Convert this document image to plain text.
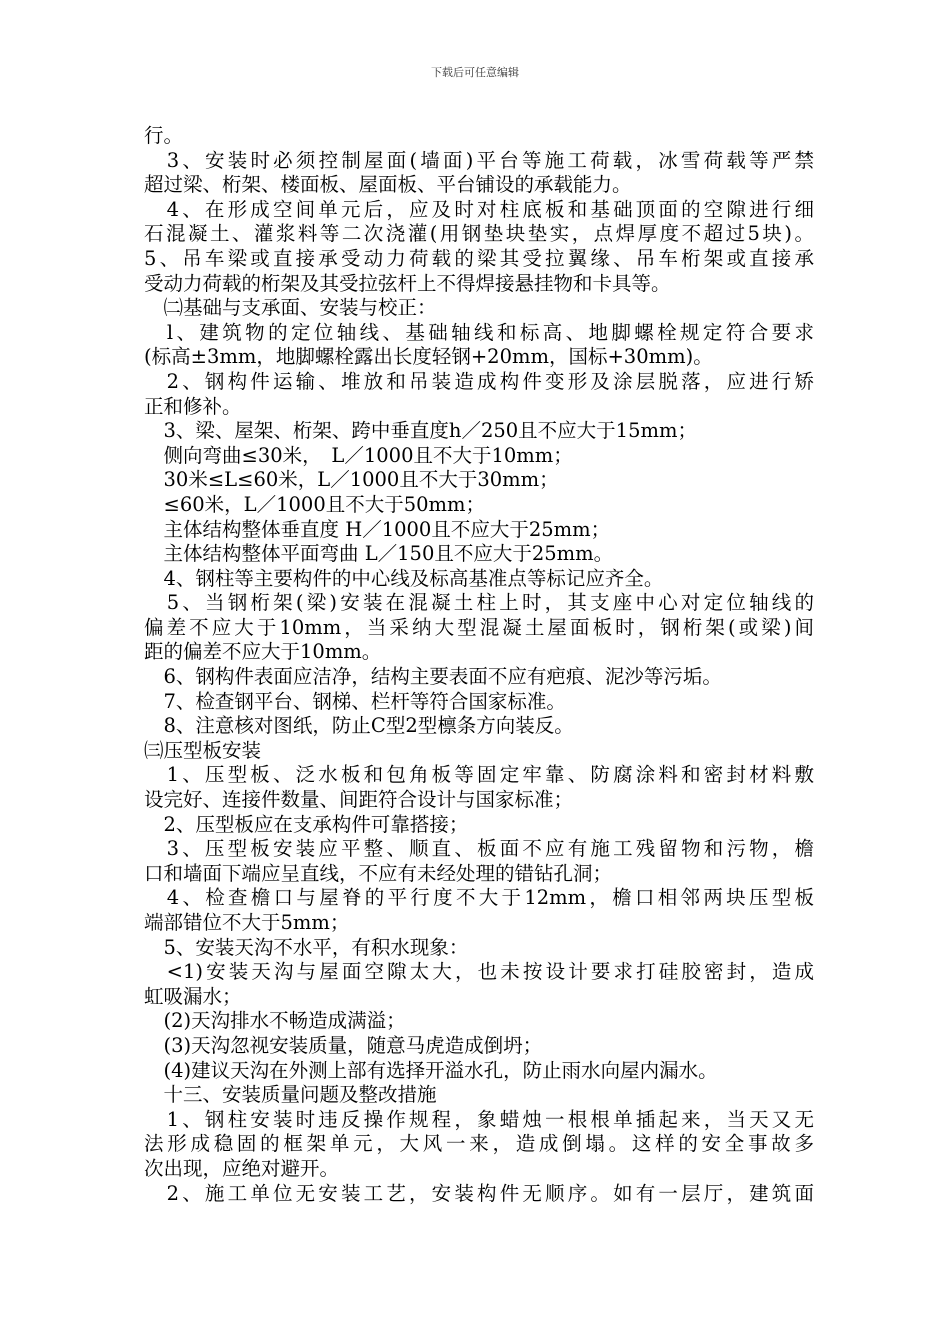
下载后可任意编辑
行。
　3、安装时必须控制屋面(墙面)平台等施工荷载，冰雪荷载等严禁
超过梁、桁架、楼面板、屋面板、平台铺设的承载能力。
　4、在形成空间单元后，应及时对柱底板和基础顶面的空隙进行细
石混凝土、灌浆料等二次浇灌(用钢垫块垫实，点焊厚度不超过5块)。
5、吊车梁或直接承受动力荷载的梁其受拉翼缘、吊车桁架或直接承
受动力荷载的桁架及其受拉弦杆上不得焊接悬挂物和卡具等。
　㈡基础与支承面、安装与校正：
　l、建筑物的定位轴线、基础轴线和标高、地脚螺栓规定符合要求
(标高±3mm，地脚螺栓露出长度轻钢+20mm，国标+30mm)。
　2、钢构件运输、堆放和吊装造成构件变形及涂层脱落，应进行矫
正和修补。
　3、梁、屋架、桁架、跨中垂直度h／250且不应大于15mm；
　侧向弯曲≤30米，　L／1000且不大于10mm；
　30米≤L≤60米，L／1000且不大于30mm；
　≤60米，L／1000且不大于50mm；
　主体结构整体垂直度 H／1000且不应大于25mm；
　主体结构整体平面弯曲 L／150且不应大于25mm。
　4、钢柱等主要构件的中心线及标高基准点等标记应齐全。
　5、当钢桁架(梁)安装在混凝土柱上时，其支座中心对定位轴线的
偏差不应大于10mm，当采纳大型混凝土屋面板时，钢桁架(或梁)间
距的偏差不应大于10mm。
　6、钢构件表面应洁净，结构主要表面不应有疤痕、泥沙等污垢。
　7、检查钢平台、钢梯、栏杆等符合国家标准。
　8、注意核对图纸，防止C型2型檩条方向装反。
㈢压型板安装
　1、压型板、泛水板和包角板等固定牢靠、防腐涂料和密封材料敷
设完好、连接件数量、间距符合设计与国家标准；
　2、压型板应在支承构件可靠搭接；
　3、压型板安装应平整、顺直、板面不应有施工残留物和污物，檐
口和墙面下端应呈直线，不应有未经处理的错钻孔洞；
　4、检查檐口与屋脊的平行度不大于12mm，檐口相邻两块压型板
端部错位不大于5mm；
　5、安装天沟不水平，有积水现象：
　<1)安装天沟与屋面空隙太大，也未按设计要求打硅胶密封，造成
虹吸漏水；
　(2)天沟排水不畅造成满溢；
　(3)天沟忽视安装质量，随意马虎造成倒坍；
　(4)建议天沟在外测上部有选择开溢水孔，防止雨水向屋内漏水。
　十三、安装质量问题及整改措施
　1、钢柱安装时违反操作规程，象蜡烛一根根单插起来，当天又无
法形成稳固的框架单元，大风一来，造成倒塌。这样的安全事故多
次出现，应绝对避开。
　2、施工单位无安装工艺，安装构件无顺序。如有一层厅，建筑面
